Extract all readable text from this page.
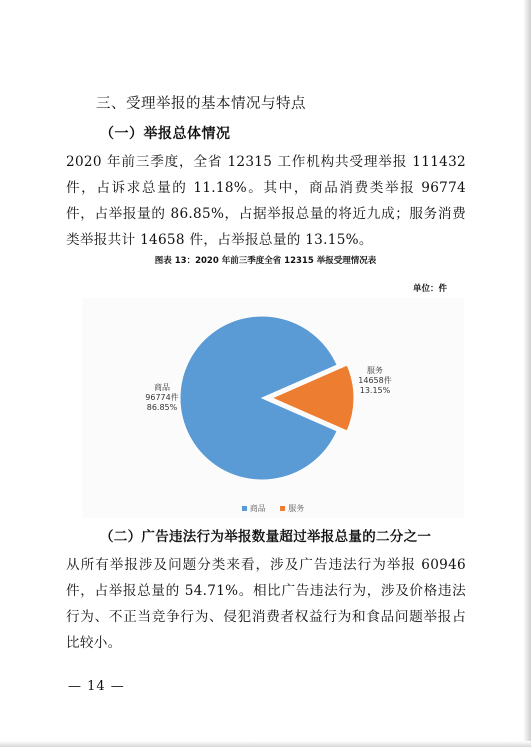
三、受理举报的基本情况与特点
（一）举报总体情况

2020 年前三季度，全省 12315 工作机构共受理举报 111432 件，占诉求总量的 11.18%。其中，商品消费类举报 96774 件，占举报量的 86.85%，占据举报总量的将近九成；服务消费类举报共计 14658 件，占举报总量的 13.15%。

图表 13：2020 年前三季度全省 12315 举报受理情况表

单位：件
商品
96774件
86.85%
服务
14658件
13.15%
商品	服务
（二）广告违法行为举报数量超过举报总量的二分之一

从所有举报涉及问题分类来看，涉及广告违法行为举报 60946 件，占举报总量的 54.71%。相比广告违法行为，涉及价格违法行为、不正当竞争行为、侵犯消费者权益行为和食品问题举报占比较小。

— 14 —
